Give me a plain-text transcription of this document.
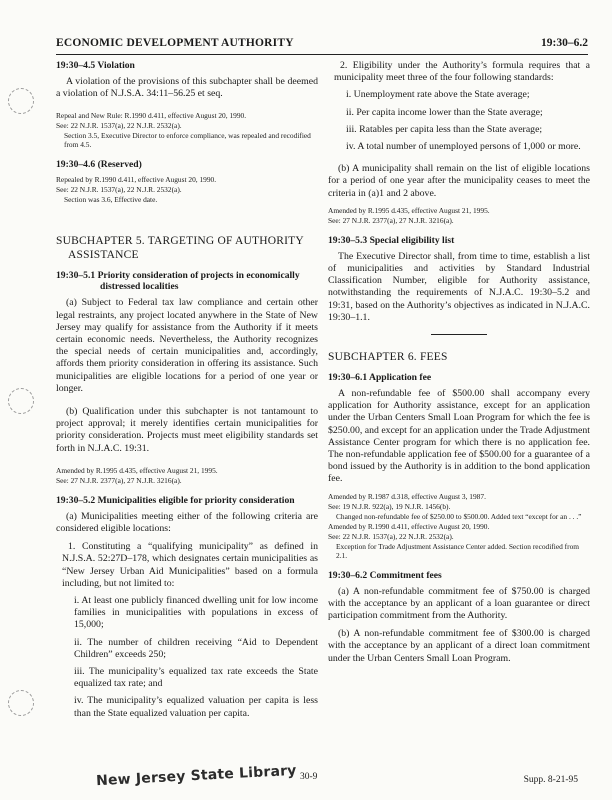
ECONOMIC DEVELOPMENT AUTHORITY	19:30–6.2
19:30–4.5 Violation
A violation of the provisions of this subchapter shall be deemed a violation of N.J.S.A. 34:11–56.25 et seq.
Repeal and New Rule: R.1990 d.411, effective August 20, 1990.
See: 22 N.J.R. 1537(a), 22 N.J.R. 2532(a).
Section 3.5, Executive Director to enforce compliance, was repealed and recodified from 4.5.
19:30–4.6 (Reserved)
Repealed by R.1990 d.411, effective August 20, 1990.
See: 22 N.J.R. 1537(a), 22 N.J.R. 2532(a).
Section was 3.6, Effective date.
SUBCHAPTER 5. TARGETING OF AUTHORITY ASSISTANCE
19:30–5.1 Priority consideration of projects in economically distressed localities
(a) Subject to Federal tax law compliance and certain other legal restraints, any project located anywhere in the State of New Jersey may qualify for assistance from the Authority if it meets certain economic needs. Nevertheless, the Authority recognizes the special needs of certain municipalities and, accordingly, affords them priority consideration in offering its assistance. Such municipalities are eligible locations for a period of one year or longer.
(b) Qualification under this subchapter is not tantamount to project approval; it merely identifies certain municipalities for priority consideration. Projects must meet eligibility standards set forth in N.J.A.C. 19:31.
Amended by R.1995 d.435, effective August 21, 1995.
See: 27 N.J.R. 2377(a), 27 N.J.R. 3216(a).
19:30–5.2 Municipalities eligible for priority consideration
(a) Municipalities meeting either of the following criteria are considered eligible locations:
1. Constituting a “qualifying municipality” as defined in N.J.S.A. 52:27D–178, which designates certain municipalities as “New Jersey Urban Aid Municipalities” based on a formula including, but not limited to:
i. At least one publicly financed dwelling unit for low income families in municipalities with populations in excess of 15,000;
ii. The number of children receiving “Aid to Dependent Children” exceeds 250;
iii. The municipality’s equalized tax rate exceeds the State equalized tax rate; and
iv. The municipality’s equalized valuation per capita is less than the State equalized valuation per capita.
2. Eligibility under the Authority’s formula requires that a municipality meet three of the four following standards:
i. Unemployment rate above the State average;
ii. Per capita income lower than the State average;
iii. Ratables per capita less than the State average;
iv. A total number of unemployed persons of 1,000 or more.
(b) A municipality shall remain on the list of eligible locations for a period of one year after the municipality ceases to meet the criteria in (a)1 and 2 above.
Amended by R.1995 d.435, effective August 21, 1995.
See: 27 N.J.R. 2377(a), 27 N.J.R. 3216(a).
19:30–5.3 Special eligibility list
The Executive Director shall, from time to time, establish a list of municipalities and activities by Standard Industrial Classification Number, eligible for Authority assistance, notwithstanding the requirements of N.J.A.C. 19:30–5.2 and 19:31, based on the Authority’s objectives as indicated in N.J.A.C. 19:30–1.1.
SUBCHAPTER 6. FEES
19:30–6.1 Application fee
A non-refundable fee of $500.00 shall accompany every application for Authority assistance, except for an application under the Urban Centers Small Loan Program for which the fee is $250.00, and except for an application under the Trade Adjustment Assistance Center program for which there is no application fee. The non-refundable application fee of $500.00 for a guarantee of a bond issued by the Authority is in addition to the bond application fee.
Amended by R.1987 d.318, effective August 3, 1987.
See: 19 N.J.R. 922(a), 19 N.J.R. 1456(b).
Changed non-refundable fee of $250.00 to $500.00. Added text “except for an . . .”
Amended by R.1990 d.411, effective August 20, 1990.
See: 22 N.J.R. 1537(a), 22 N.J.R. 2532(a).
Exception for Trade Adjustment Assistance Center added. Section recodified from 2.1.
19:30–6.2 Commitment fees
(a) A non-refundable commitment fee of $750.00 is charged with the acceptance by an applicant of a loan guarantee or direct participation commitment from the Authority.
(b) A non-refundable commitment fee of $300.00 is charged with the acceptance by an applicant of a direct loan commitment under the Urban Centers Small Loan Program.
New Jersey State Library 30-9	Supp. 8-21-95
